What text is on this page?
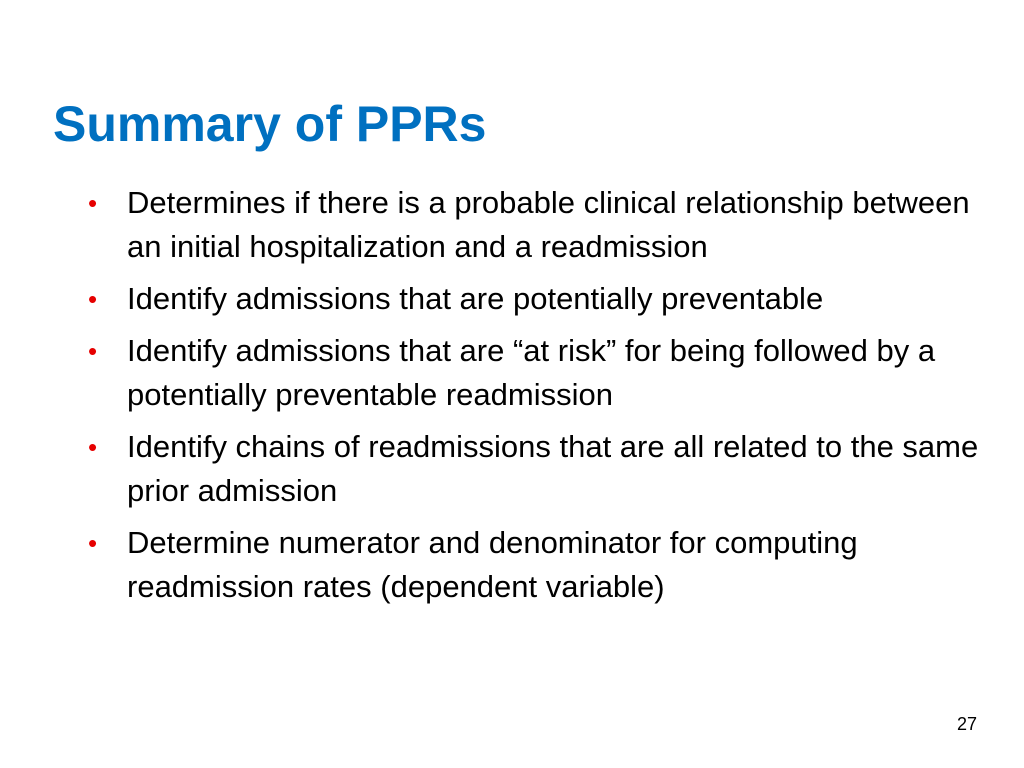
Summary of PPRs
• Determines if there is a probable clinical relationship between an initial hospitalization and a readmission
• Identify admissions that are potentially preventable
• Identify admissions that are “at risk” for being followed by a potentially preventable readmission
• Identify chains of readmissions that are all related to the same prior admission
• Determine numerator and denominator for computing readmission rates (dependent variable)
27
